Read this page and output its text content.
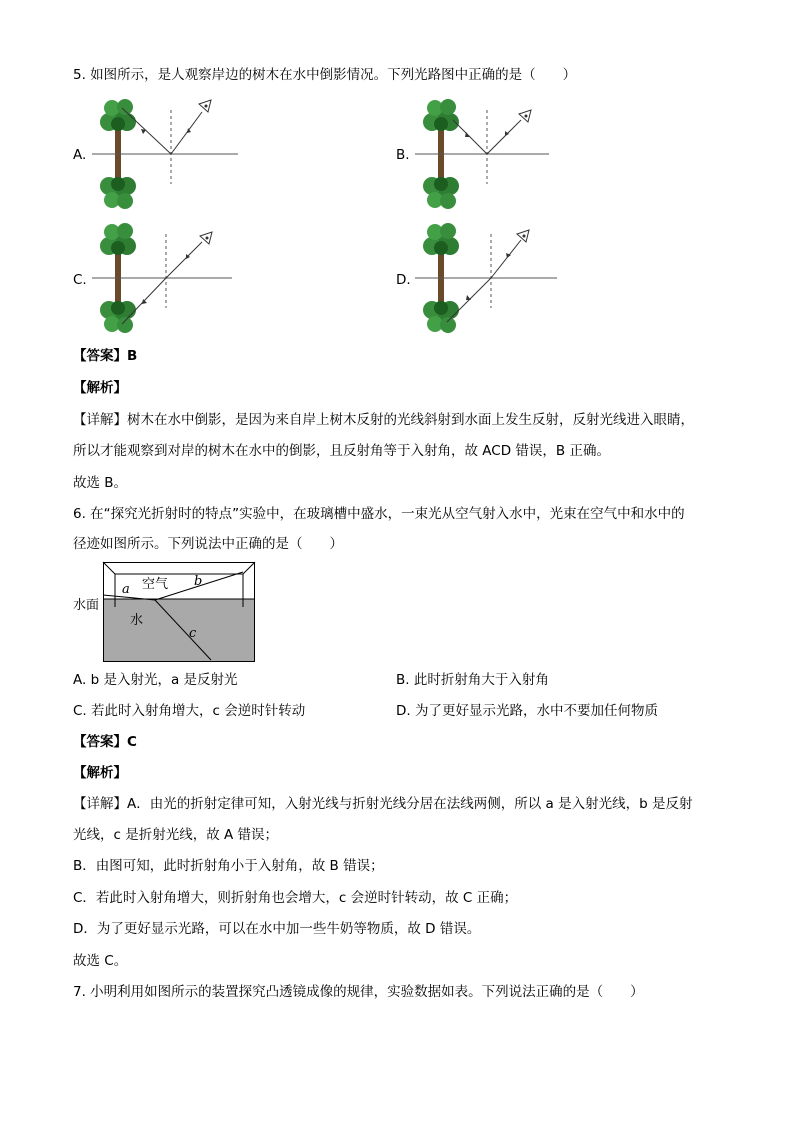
5. 如图所示，是人观察岸边的树木在水中倒影情况。下列光路图中正确的是（　　）
A.	B.
C.	D.
【答案】B
【解析】
【详解】树木在水中倒影，是因为来自岸上树木反射的光线斜射到水面上发生反射，反射光线进入眼睛，
所以才能观察到对岸的树木在水中的倒影，且反射角等于入射角，故 ACD 错误，B 正确。
故选 B。
6. 在“探究光折射时的特点”实验中，在玻璃槽中盛水，一束光从空气射入水中，光束在空气中和水中的
径迹如图所示。下列说法中正确的是（　　）
水面
空气
水
a
b
c
A. b 是入射光，a 是反射光	B. 此时折射角大于入射角
C. 若此时入射角增大，c 会逆时针转动	D. 为了更好显示光路，水中不要加任何物质
【答案】C
【解析】
【详解】A．由光的折射定律可知，入射光线与折射光线分居在法线两侧，所以 a 是入射光线，b 是反射
光线，c 是折射光线，故 A 错误；
B．由图可知，此时折射角小于入射角，故 B 错误；
C．若此时入射角增大，则折射角也会增大，c 会逆时针转动，故 C 正确；
D．为了更好显示光路，可以在水中加一些牛奶等物质，故 D 错误。
故选 C。
7. 小明利用如图所示的装置探究凸透镜成像的规律，实验数据如表。下列说法正确的是（　　）
